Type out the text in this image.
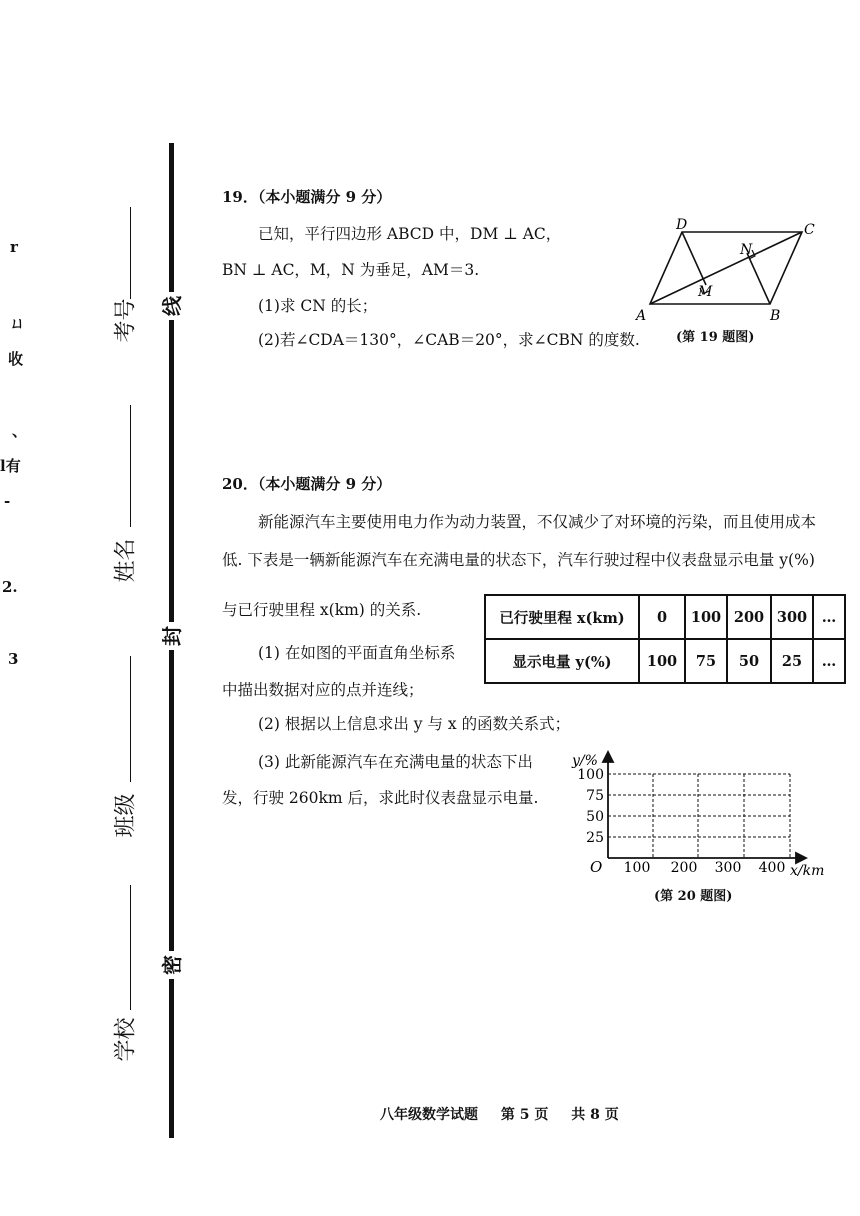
线
封
密
考号
姓名
班级
学校
r
ㄩ
收
、
l有
-
2.
3
19．（本小题满分 9 分）
已知，平行四边形 ABCD 中，DM ⊥ AC，
BN ⊥ AC，M，N 为垂足，AM＝3.
(1)求 CN 的长；
(2)若∠CDA＝130°，∠CAB＝20°，求∠CBN 的度数.
A	B
C
D
M
N
(第 19 题图)
20．（本小题满分 9 分）
新能源汽车主要使用电力作为动力装置，不仅减少了对环境的污染，而且使用成本
低. 下表是一辆新能源汽车在充满电量的状态下，汽车行驶过程中仪表盘显示电量 y(%)
与已行驶里程 x(km) 的关系.
(1) 在如图的平面直角坐标系
中描出数据对应的点并连线；
(2) 根据以上信息求出 y 与 x 的函数关系式；
(3) 此新能源汽车在充满电量的状态下出
发，行驶 260km 后，求此时仪表盘显示电量.
已行驶里程 x(km)	0	100	200	300	…
显示电量 y(%)	100	75	50	25	…
y/%
x/km
O
100
75
50
25
100 200 300 400
(第 20 题图)
八年级数学试题 第 5 页 共 8 页
